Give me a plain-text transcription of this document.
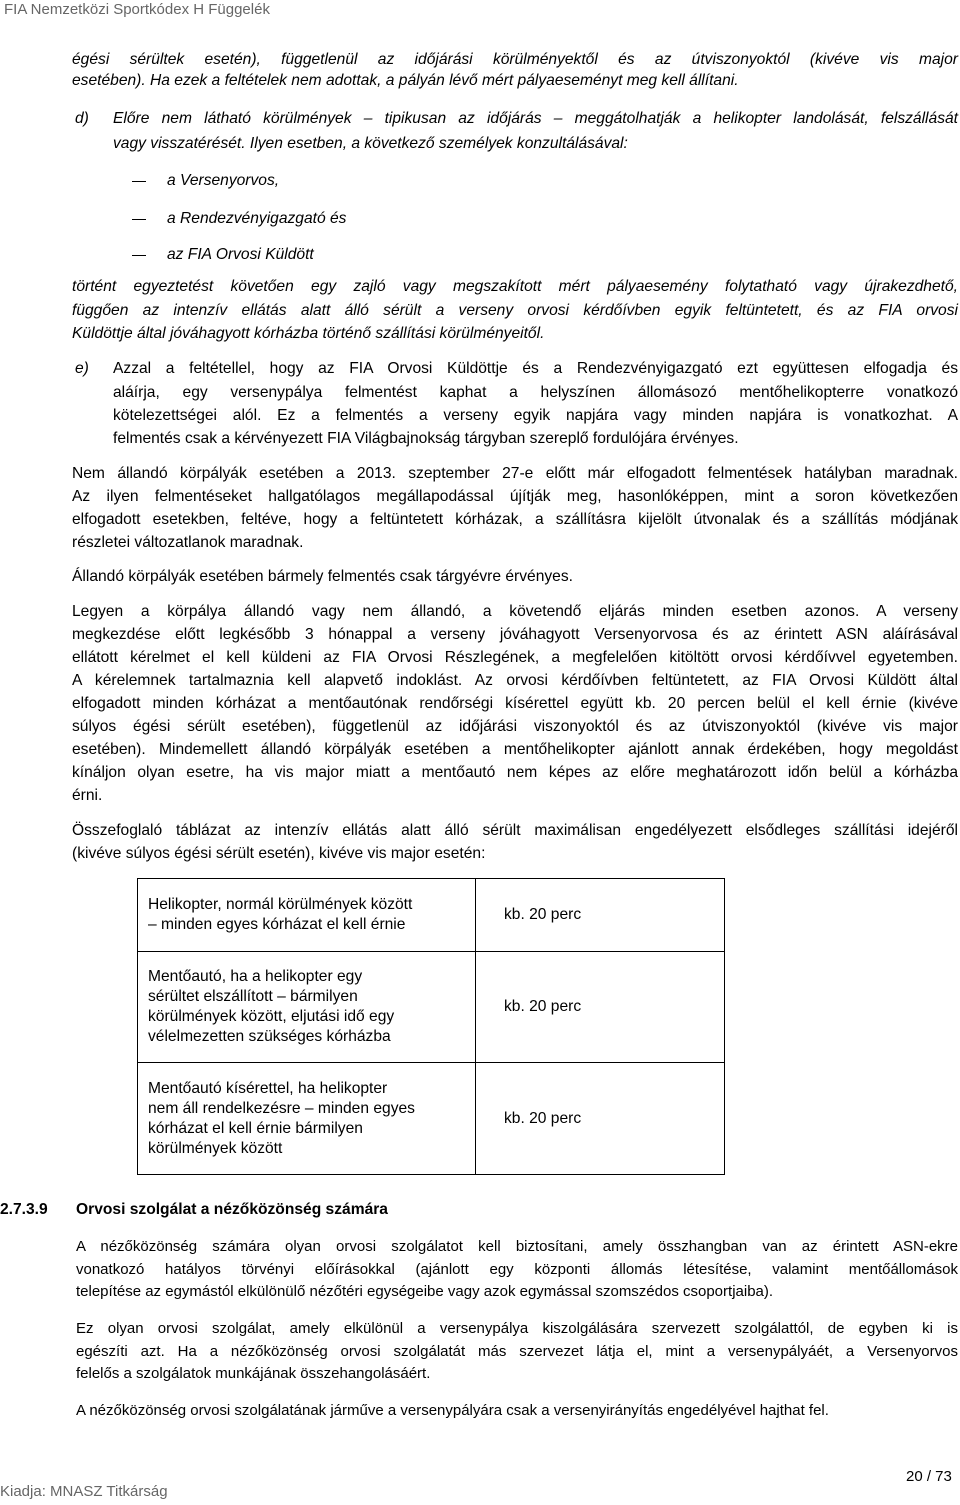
FIA Nemzetközi Sportkódex H Függelék
égési sérültek esetén), függetlenül az időjárási körülményektől és az útviszonyoktól (kivéve vis major
esetében). Ha ezek a feltételek nem adottak, a pályán lévő mért pályaeseményt meg kell állítani.
d) Előre nem látható körülmények – tipikusan az időjárás – meggátolhatják a helikopter landolását, felszállását
vagy visszatérését. Ilyen esetben, a következő személyek konzultálásával:
a Versenyorvos,
a Rendezvényigazgató és
az FIA Orvosi Küldött
történt egyeztetést követően egy zajló vagy megszakított mért pályaesemény folytatható vagy újrakezdhető,
függően az intenzív ellátás alatt álló sérült a verseny orvosi kérdőívben egyik feltüntetett, és az FIA orvosi
Küldöttje által jóváhagyott kórházba történő szállítási körülményeitől.
e) Azzal a feltétellel, hogy az FIA Orvosi Küldöttje és a Rendezvényigazgató ezt együttesen elfogadja és
aláírja, egy versenypálya felmentést kaphat a helyszínen állomásozó mentőhelikopterre vonatkozó
kötelezettségei alól. Ez a felmentés a verseny egyik napjára vagy minden napjára is vonatkozhat. A
felmentés csak a kérvényezett FIA Világbajnokság tárgyban szereplő fordulójára érvényes.
Nem állandó körpályák esetében a 2013. szeptember 27-e előtt már elfogadott felmentések hatályban maradnak.
Az ilyen felmentéseket hallgatólagos megállapodással újítják meg, hasonlóképpen, mint a soron következően
elfogadott esetekben, feltéve, hogy a feltüntetett kórházak, a szállításra kijelölt útvonalak és a szállítás módjának
részletei változatlanok maradnak.
Állandó körpályák esetében bármely felmentés csak tárgyévre érvényes.
Legyen a körpálya állandó vagy nem állandó, a követendő eljárás minden esetben azonos. A verseny
megkezdése előtt legkésőbb 3 hónappal a verseny jóváhagyott Versenyorvosa és az érintett ASN aláírásával
ellátott kérelmet el kell küldeni az FIA Orvosi Részlegének, a megfelelően kitöltött orvosi kérdőívvel egyetemben.
A kérelemnek tartalmaznia kell alapvető indoklást. Az orvosi kérdőívben feltüntetett, az FIA Orvosi Küldött által
elfogadott minden kórházat a mentőautónak rendőrségi kísérettel együtt kb. 20 percen belül el kell érnie (kivéve
súlyos égési sérült esetében), függetlenül az időjárási viszonyoktól és az útviszonyoktól (kivéve vis major
esetében). Mindemellett állandó körpályák esetében a mentőhelikopter ajánlott annak érdekében, hogy megoldást
kínáljon olyan esetre, ha vis major miatt a mentőautó nem képes az előre meghatározott időn belül a kórházba
érni.
Összefoglaló táblázat az intenzív ellátás alatt álló sérült maximálisan engedélyezett elsődleges szállítási idejéről
(kivéve súlyos égési sérült esetén), kivéve vis major esetén:
Helikopter, normál körülmények között
– minden egyes kórházat el kell érnie	kb. 20 perc

Mentőautó, ha a helikopter egy
sérültet elszállított – bármilyen
körülmények között, eljutási idő egy
vélelmezetten szükséges kórházba	kb. 20 perc

Mentőautó kísérettel, ha helikopter
nem áll rendelkezésre – minden egyes
kórházat el kell érnie bármilyen
körülmények között	kb. 20 perc
2.7.3.9 Orvosi szolgálat a nézőközönség számára
A nézőközönség számára olyan orvosi szolgálatot kell biztosítani, amely összhangban van az érintett ASN-ekre
vonatkozó hatályos törvényi előírásokkal (ajánlott egy központi állomás létesítése, valamint mentőállomások
telepítése az egymástól elkülönülő nézőtéri egységeibe vagy azok egymással szomszédos csoportjaiba).
Ez olyan orvosi szolgálat, amely elkülönül a versenypálya kiszolgálására szervezett szolgálattól, de egyben ki is
egészíti azt. Ha a nézőközönség orvosi szolgálatát más szervezet látja el, mint a versenypályáét, a Versenyorvos
felelős a szolgálatok munkájának összehangolásáért.
A nézőközönség orvosi szolgálatának járműve a versenypályára csak a versenyirányítás engedélyével hajthat fel.
20 / 73
Kiadja: MNASZ Titkárság
